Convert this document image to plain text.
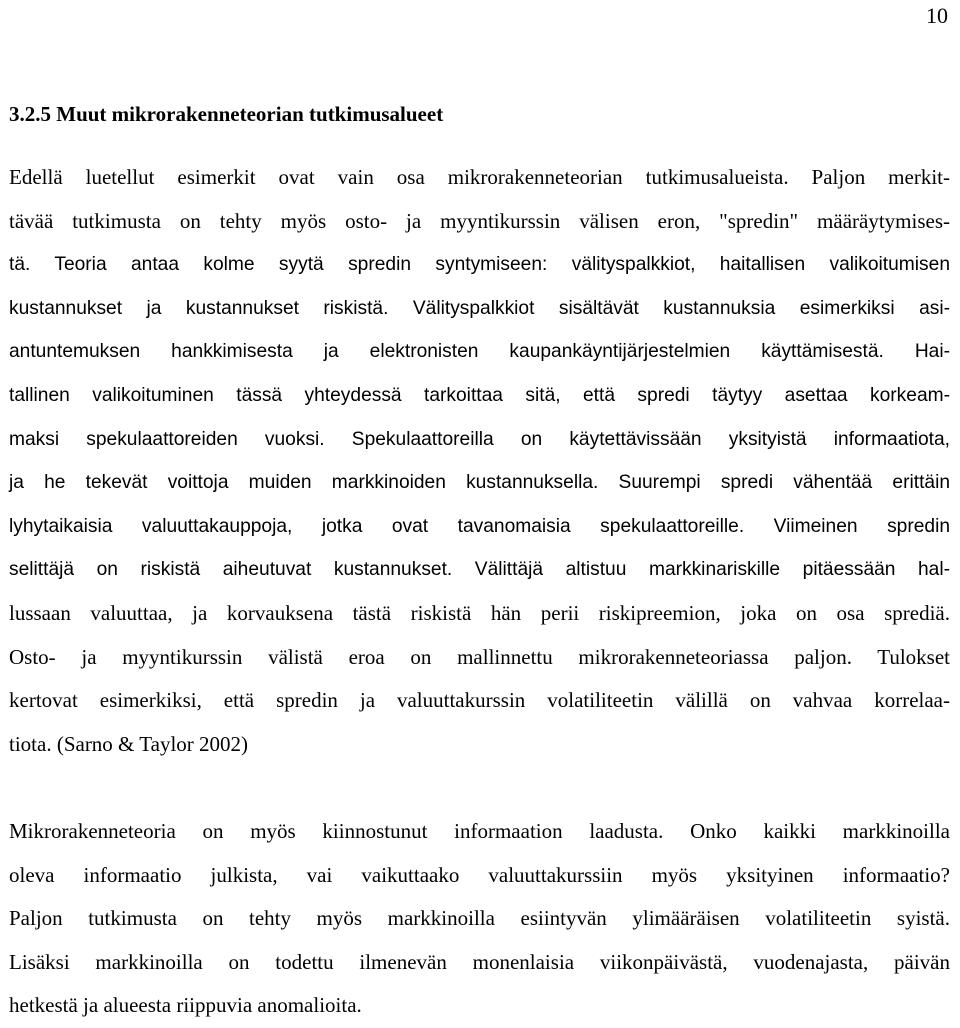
10
3.2.5 Muut mikrorakenneteorian tutkimusalueet
Edellä luetellut esimerkit ovat vain osa mikrorakenneteorian tutkimusalueista. Paljon merkit-
tävää tutkimusta on tehty myös osto- ja myyntikurssin välisen eron, "spredin" määräytymises-
tä. Teoria antaa kolme syytä spredin syntymiseen: välityspalkkiot, haitallisen valikoitumisen
kustannukset ja kustannukset riskistä. Välityspalkkiot sisältävät kustannuksia esimerkiksi asi-
antuntemuksen hankkimisesta ja elektronisten kaupankäyntijärjestelmien käyttämisestä. Hai-
tallinen valikoituminen tässä yhteydessä tarkoittaa sitä, että spredi täytyy asettaa korkeam-
maksi spekulaattoreiden vuoksi. Spekulaattoreilla on käytettävissään yksityistä informaatiota,
ja he tekevät voittoja muiden markkinoiden kustannuksella. Suurempi spredi vähentää erittäin
lyhytaikaisia valuuttakauppoja, jotka ovat tavanomaisia spekulaattoreille. Viimeinen spredin
selittäjä on riskistä aiheutuvat kustannukset. Välittäjä altistuu markkinariskille pitäessään hal-
lussaan valuuttaa, ja korvauksena tästä riskistä hän perii riskipreemion, joka on osa sprediä.
Osto- ja myyntikurssin välistä eroa on mallinnettu mikrorakenneteoriassa paljon. Tulokset
kertovat esimerkiksi, että spredin ja valuuttakurssin volatiliteetin välillä on vahvaa korrelaa-
tiota. (Sarno & Taylor 2002)
Mikrorakenneteoria on myös kiinnostunut informaation laadusta. Onko kaikki markkinoilla
oleva informaatio julkista, vai vaikuttaako valuuttakurssiin myös yksityinen informaatio?
Paljon tutkimusta on tehty myös markkinoilla esiintyvän ylimääräisen volatiliteetin syistä.
Lisäksi markkinoilla on todettu ilmenevän monenlaisia viikonpäivästä, vuodenajasta, päivän
hetkestä ja alueesta riippuvia anomalioita.
